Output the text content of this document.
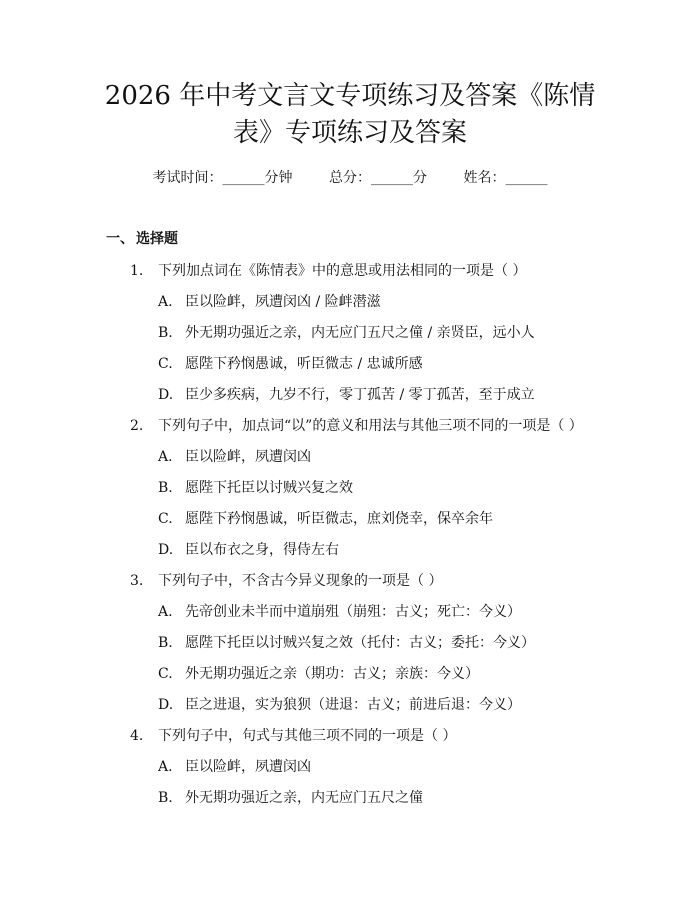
2026 年中考文言文专项练习及答案《陈情
表》专项练习及答案
考试时间：______分钟	总分：______分	姓名：______
一、 选择题
1.	下列加点词在《陈情表》中的意思或用法相同的一项是（ ）
A. 臣以险衅，夙遭闵凶 / 险衅潜滋
B. 外无期功强近之亲，内无应门五尺之僮 / 亲贤臣，远小人
C. 愿陛下矜悯愚诚，听臣微志 / 忠诚所感
D. 臣少多疾病，九岁不行，零丁孤苦 / 零丁孤苦，至于成立
2.	下列句子中，加点词“以”的意义和用法与其他三项不同的一项是（ ）
A. 臣以险衅，夙遭闵凶
B. 愿陛下托臣以讨贼兴复之效
C. 愿陛下矜悯愚诚，听臣微志，庶刘侥幸，保卒余年
D. 臣以布衣之身，得侍左右
3.	下列句子中，不含古今异义现象的一项是（ ）
A. 先帝创业未半而中道崩殂（崩殂：古义；死亡：今义）
B. 愿陛下托臣以讨贼兴复之效（托付：古义；委托：今义）
C. 外无期功强近之亲（期功：古义；亲族：今义）
D. 臣之进退，实为狼狈（进退：古义；前进后退：今义）
4.	下列句子中，句式与其他三项不同的一项是（ ）
A. 臣以险衅，夙遭闵凶
B. 外无期功强近之亲，内无应门五尺之僮
